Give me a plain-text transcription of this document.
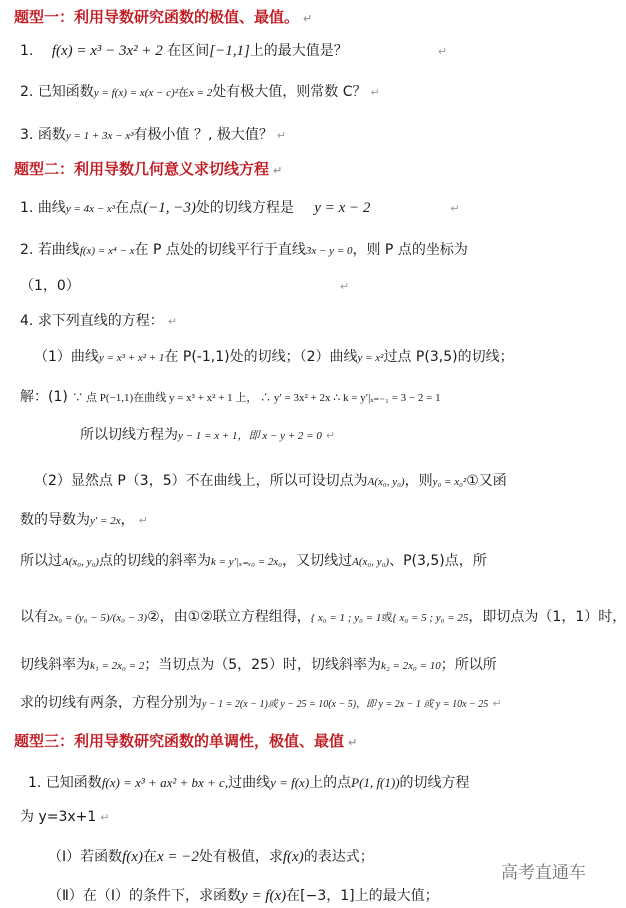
题型一：利用导数研究函数的极值、最值。 ↵
1. f(x) = x³ − 3x² + 2 在区间[−1,1]上的最大值是？	↵
2. 已知函数y = f(x) = x(x − c)²在x = 2处有极大值，则常数 C？ ↵
3. 函数y = 1 + 3x − x³有极小值 ？, 极大值？ ↵
题型二：利用导数几何意义求切线方程 ↵
1. 曲线y = 4x − x³在点(−1, −3)处的切线方程是 y = x − 2	↵
2. 若曲线f(x) = x⁴ − x在 P 点处的切线平行于直线3x − y = 0，则 P 点的坐标为
（1，0）	↵
4. 求下列直线的方程： ↵
（1）曲线y = x³ + x² + 1在 P(-1,1)处的切线；（2）曲线y = x²过点 P(3,5)的切线；
解：(1) ∵ 点 P(−1,1)在曲线 y = x³ + x² + 1 上， ∴ y′ = 3x² + 2x ∴ k = y′|ₓ₌₋₁ = 3 − 2 = 1
所以切线方程为y − 1 = x + 1，即 x − y + 2 = 0 ↵
（2）显然点 P（3，5）不在曲线上，所以可设切点为A(x₀, y₀)，则y₀ = x₀²①又函
数的导数为y′ = 2x， ↵
所以过A(x₀, y₀)点的切线的斜率为k = y′|ₓ₌ₓ₀ = 2x₀，又切线过A(x₀, y₀)、P(3,5)点，所
以有2x₀ = (y₀ − 5)/(x₀ − 3)②，由①②联立方程组得，{ x₀ = 1 ; y₀ = 1或{ x₀ = 5 ; y₀ = 25，即切点为（1，1）时，
切线斜率为k₁ = 2x₀ = 2；当切点为（5，25）时，切线斜率为k₂ = 2x₀ = 10；所以所
求的切线有两条，方程分别为y − 1 = 2(x − 1)或 y − 25 = 10(x − 5)，即 y = 2x − 1 或 y = 10x − 25 ↵
题型三：利用导数研究函数的单调性，极值、最值 ↵
1. 已知函数f(x) = x³ + ax² + bx + c,过曲线y = f(x)上的点P(1, f(1))的切线方程
为 y=3x+1 ↵
（Ⅰ）若函数f(x)在x = −2处有极值，求f(x)的表达式；
（Ⅱ）在（Ⅰ）的条件下，求函数y = f(x)在[−3，1]上的最大值；
高考直通车
